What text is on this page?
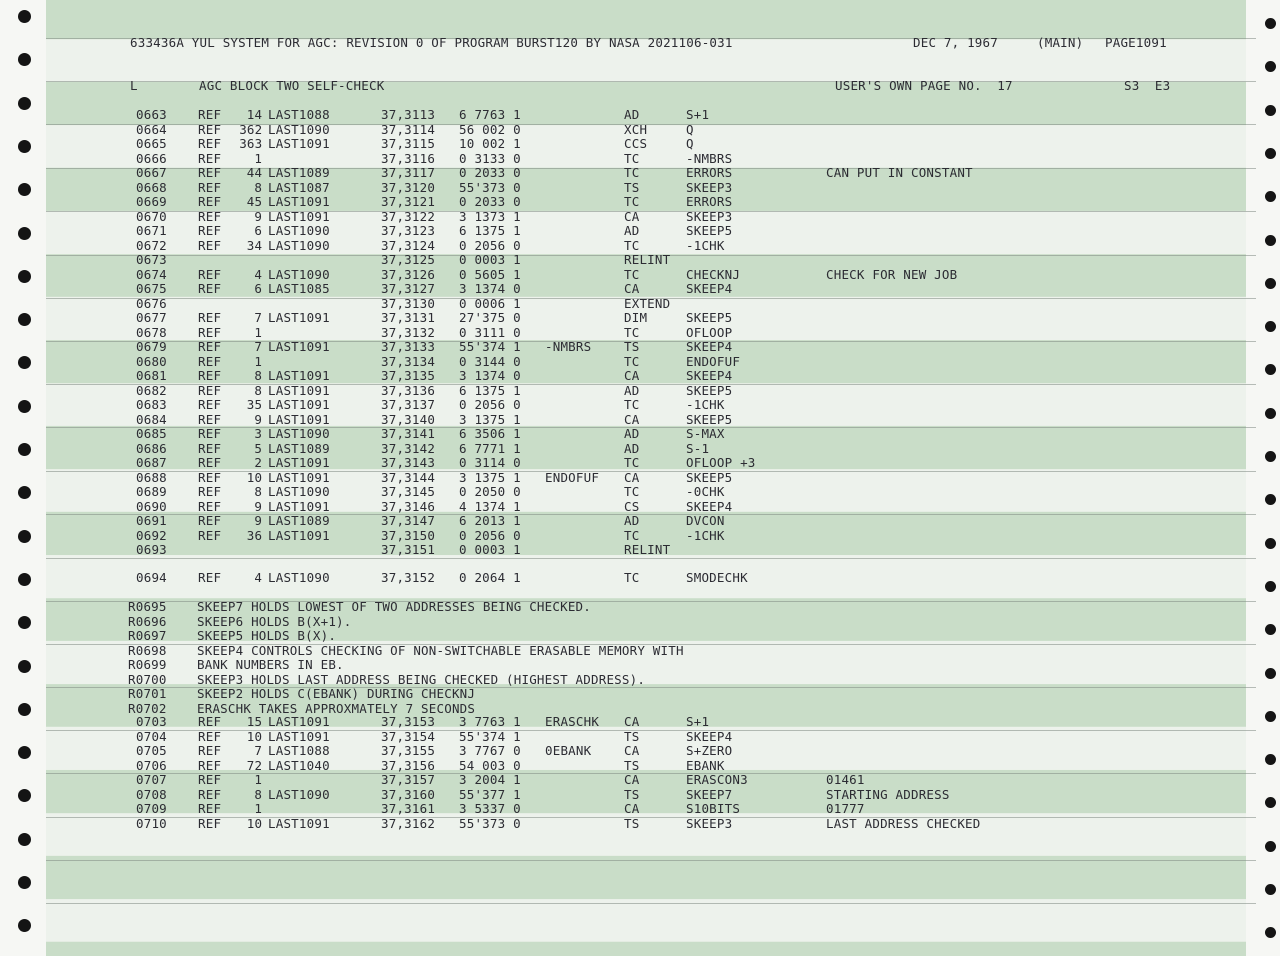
633436A YUL SYSTEM FOR AGC: REVISION 0 OF PROGRAM BURST120 BY NASA 2021106-031	DEC 7, 1967	(MAIN) PAGE1091
L	AGC BLOCK TWO SELF-CHECK	USER'S OWN PAGE NO.  17	S3  E3
0663 REF 14 LAST1088	37,3113 6 7763 1	AD	S+1
0664 REF 362 LAST1090	37,3114 56 002 0	XCH	Q
0665 REF 363 LAST1091	37,3115 10 002 1	CCS	Q
0666 REF	1	37,3116 0 3133 0	TC	-NMBRS
0667 REF 44 LAST1089	37,3117 0 2033 0	TC	ERRORS	CAN PUT IN CONSTANT
0668 REF	8 LAST1087	37,3120 55'373 0	TS	SKEEP3
0669 REF 45 LAST1091	37,3121 0 2033 0	TC	ERRORS
0670 REF	9 LAST1091	37,3122 3 1373 1	CA	SKEEP3
0671 REF	6 LAST1090	37,3123 6 1375 1	AD	SKEEP5
0672 REF 34 LAST1090	37,3124 0 2056 0	TC	-1CHK
0673	37,3125 0 0003 1	RELINT
0674 REF	4 LAST1090	37,3126 0 5605 1	TC	CHECKNJ	CHECK FOR NEW JOB
0675 REF	6 LAST1085	37,3127 3 1374 0	CA	SKEEP4
0676	37,3130 0 0006 1	EXTEND
0677 REF	7 LAST1091	37,3131 27'375 0	DIM	SKEEP5
0678 REF	1	37,3132 0 3111 0	TC	OFLOOP
0679 REF	7 LAST1091	37,3133 55'374 1 -NMBRS	TS	SKEEP4
0680 REF	1	37,3134 0 3144 0	TC	ENDOFUF
0681 REF	8 LAST1091	37,3135 3 1374 0	CA	SKEEP4
0682 REF	8 LAST1091	37,3136 6 1375 1	AD	SKEEP5
0683 REF 35 LAST1091	37,3137 0 2056 0	TC	-1CHK
0684 REF	9 LAST1091	37,3140 3 1375 1	CA	SKEEP5
0685 REF	3 LAST1090	37,3141 6 3506 1	AD	S-MAX
0686 REF	5 LAST1089	37,3142 6 7771 1	AD	S-1
0687 REF	2 LAST1091	37,3143 0 3114 0	TC	OFLOOP +3
0688 REF 10 LAST1091	37,3144 3 1375 1 ENDOFUF CA	SKEEP5
0689 REF	8 LAST1090	37,3145 0 2050 0	TC	-0CHK
0690 REF	9 LAST1091	37,3146 4 1374 1	CS	SKEEP4
0691 REF	9 LAST1089	37,3147 6 2013 1	AD	DVCON
0692 REF 36 LAST1091	37,3150 0 2056 0	TC	-1CHK
0693	37,3151 0 0003 1	RELINT
0694 REF	4 LAST1090	37,3152 0 2064 1	TC	SMODECHK
R0695 SKEEP7 HOLDS LOWEST OF TWO ADDRESSES BEING CHECKED.
R0696 SKEEP6 HOLDS B(X+1).
R0697 SKEEP5 HOLDS B(X).
R0698 SKEEP4 CONTROLS CHECKING OF NON-SWITCHABLE ERASABLE MEMORY WITH
R0699 BANK NUMBERS IN EB.
R0700 SKEEP3 HOLDS LAST ADDRESS BEING CHECKED (HIGHEST ADDRESS).
R0701 SKEEP2 HOLDS C(EBANK) DURING CHECKNJ
R0702 ERASCHK TAKES APPROXMATELY 7 SECONDS
0703 REF 15 LAST1091	37,3153 3 7763 1 ERASCHK CA	S+1
0704 REF 10 LAST1091	37,3154 55'374 1	TS	SKEEP4
0705 REF	7 LAST1088	37,3155 3 7767 0 0EBANK	CA	S+ZERO
0706 REF 72 LAST1040	37,3156 54 003 0	TS	EBANK
0707 REF	1	37,3157 3 2004 1	CA	ERASCON3	01461
0708 REF	8 LAST1090	37,3160 55'377 1	TS	SKEEP7	STARTING ADDRESS
0709 REF	1	37,3161 3 5337 0	CA	S10BITS	01777
0710 REF 10 LAST1091	37,3162 55'373 0	TS	SKEEP3	LAST ADDRESS CHECKED
